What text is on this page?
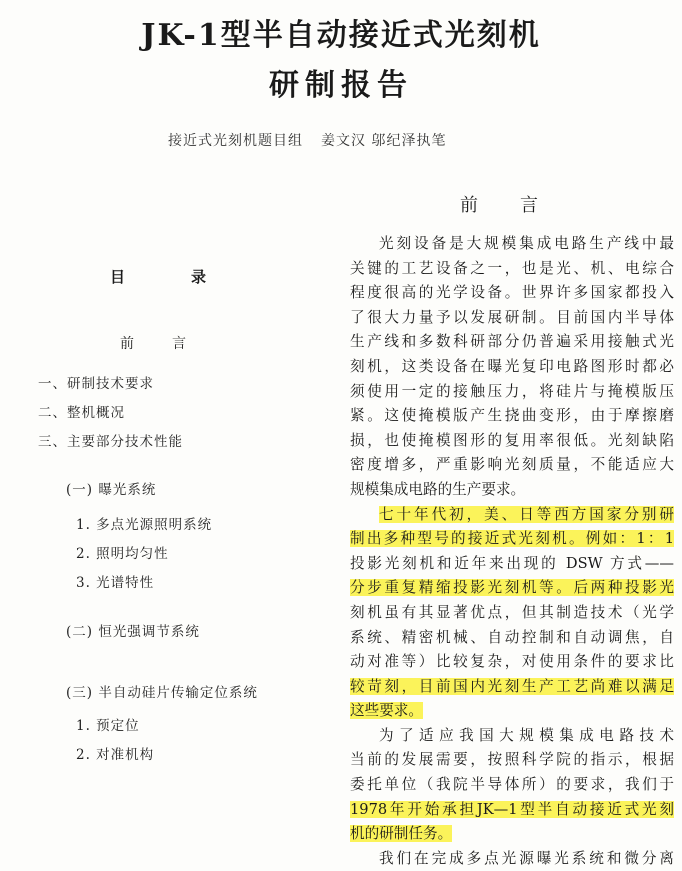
JK-1型半自动接近式光刻机
研制报告
接近式光刻机题目组 姜文汉 邬纪泽执笔
目	录
前	言
一、研制技术要求
二、整机概况
三、主要部分技术性能
(一) 曝光系统
1. 多点光源照明系统
2. 照明均匀性
3. 光谱特性
(二) 恒光强调节系统
(三) 半自动硅片传输定位系统
1. 预定位
2. 对准机构
前 言
光刻设备是大规模集成电路生产线中最
关键的工艺设备之一，也是光、机、电综合
程度很高的光学设备。世界许多国家都投入
了很大力量予以发展研制。目前国内半导体
生产线和多数科研部分仍普遍采用接触式光
刻机，这类设备在曝光复印电路图形时都必
须使用一定的接触压力，将硅片与掩模版压
紧。这使掩模版产生挠曲变形，由于摩擦磨
损，也使掩模图形的复用率很低。光刻缺陷
密度增多，严重影响光刻质量，不能适应大
规模集成电路的生产要求。
七十年代初，美、日等西方国家分别研
制出多种型号的接近式光刻机。例如：1：1
投影光刻机和近年来出现的 DSW 方式——
分步重复精缩投影光刻机等。后两种投影光
刻机虽有其显著优点，但其制造技术（光学
系统、精密机械、自动控制和自动调焦，自
动对准等）比较复杂，对使用条件的要求比
较苛刻，目前国内光刻生产工艺尚难以满足
这些要求。
为了适应我国大规模集成电路技术
当前的发展需要，按照科学院的指示，根据
委托单位（我院半导体所）的要求，我们于
1978年开始承担JK—1型半自动接近式光刻
机的研制任务。
我们在完成多点光源曝光系统和微分离
